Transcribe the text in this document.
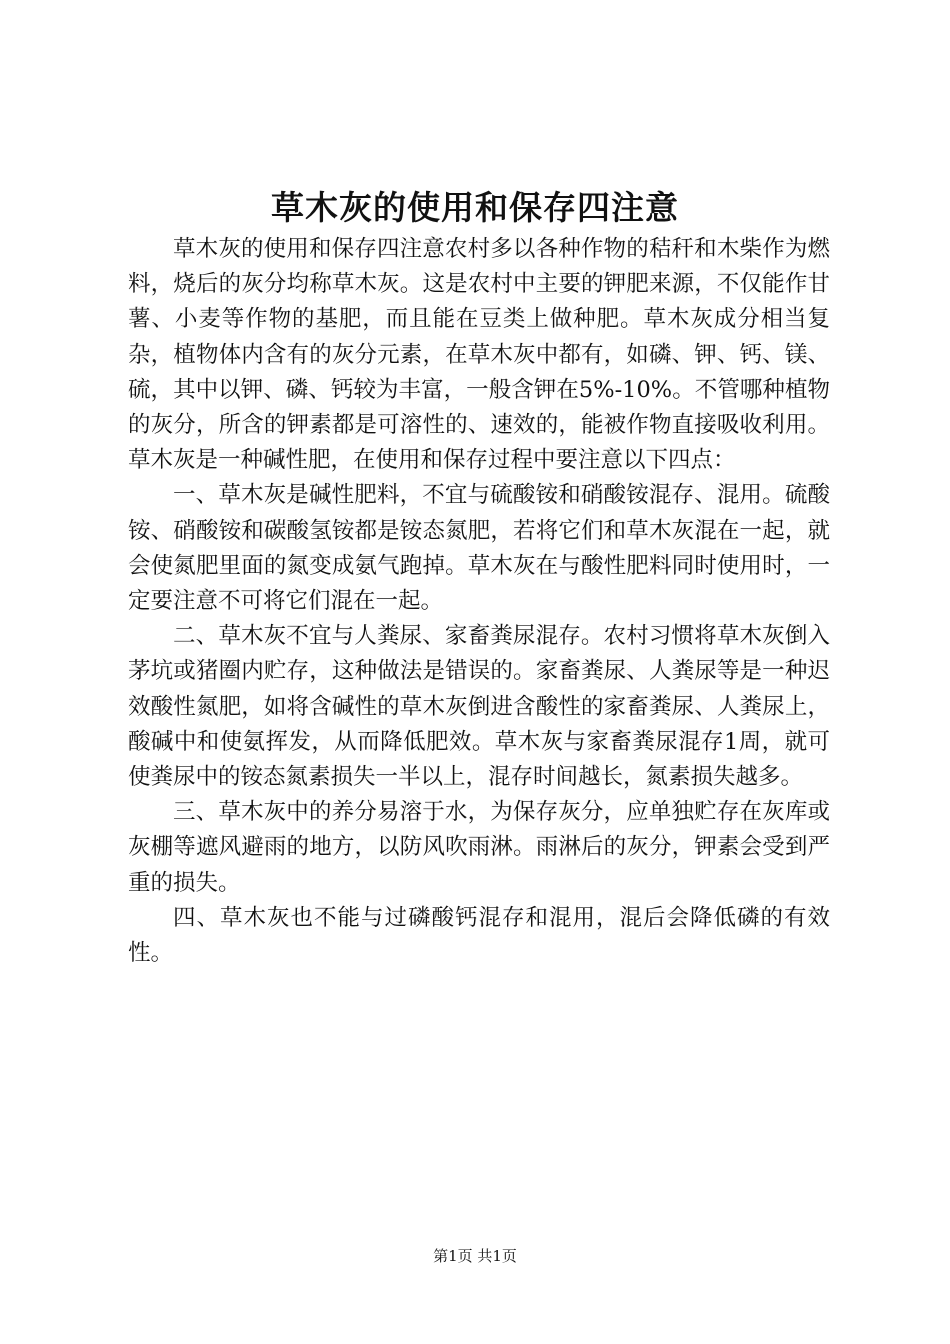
草木灰的使用和保存四注意

草木灰的使用和保存四注意农村多以各种作物的秸秆和木柴作为燃料，烧后的灰分均称草木灰。这是农村中主要的钾肥来源，不仅能作甘薯、小麦等作物的基肥，而且能在豆类上做种肥。草木灰成分相当复杂，植物体内含有的灰分元素，在草木灰中都有，如磷、钾、钙、镁、硫，其中以钾、磷、钙较为丰富，一般含钾在5%-10%。不管哪种植物的灰分，所含的钾素都是可溶性的、速效的，能被作物直接吸收利用。草木灰是一种碱性肥，在使用和保存过程中要注意以下四点：

一、草木灰是碱性肥料，不宜与硫酸铵和硝酸铵混存、混用。硫酸铵、硝酸铵和碳酸氢铵都是铵态氮肥，若将它们和草木灰混在一起，就会使氮肥里面的氮变成氨气跑掉。草木灰在与酸性肥料同时使用时，一定要注意不可将它们混在一起。

二、草木灰不宜与人粪尿、家畜粪尿混存。农村习惯将草木灰倒入茅坑或猪圈内贮存，这种做法是错误的。家畜粪尿、人粪尿等是一种迟效酸性氮肥，如将含碱性的草木灰倒进含酸性的家畜粪尿、人粪尿上，酸碱中和使氨挥发，从而降低肥效。草木灰与家畜粪尿混存1周，就可使粪尿中的铵态氮素损失一半以上，混存时间越长，氮素损失越多。

三、草木灰中的养分易溶于水，为保存灰分，应单独贮存在灰库或灰棚等遮风避雨的地方，以防风吹雨淋。雨淋后的灰分，钾素会受到严重的损失。

四、草木灰也不能与过磷酸钙混存和混用，混后会降低磷的有效性。

第1页 共1页
